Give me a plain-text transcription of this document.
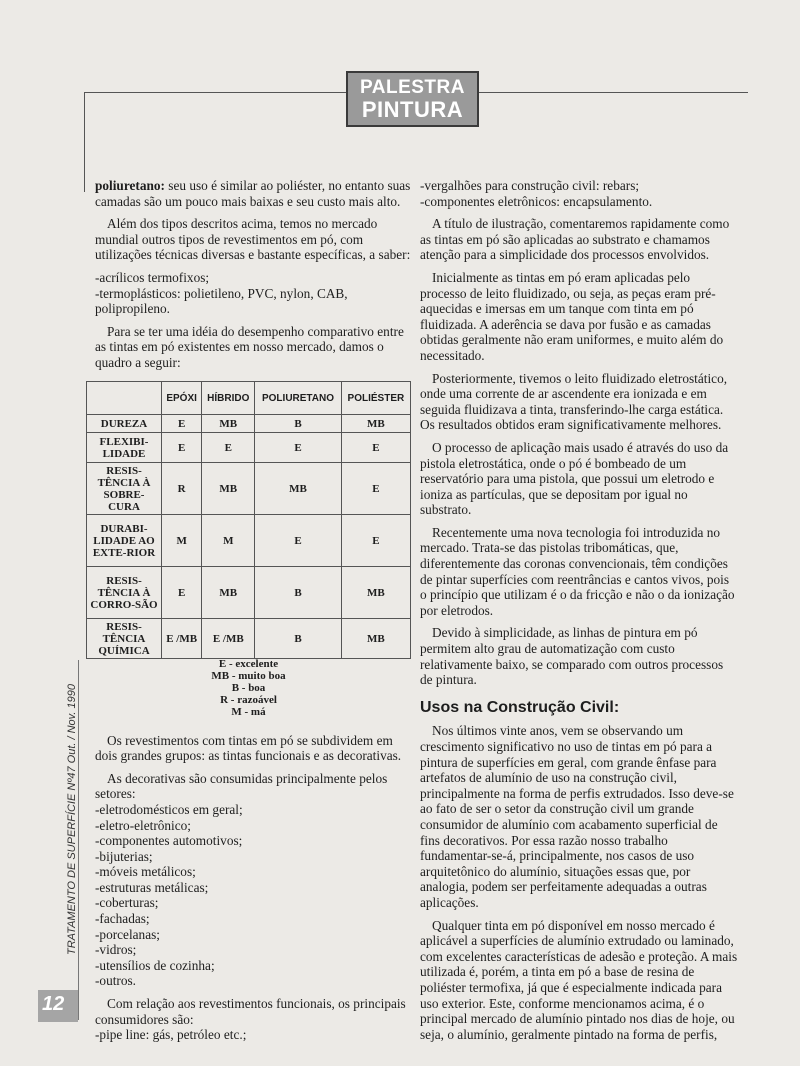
PALESTRA
PINTURA

poliuretano: seu uso é similar ao poliéster, no entanto suas camadas são um pouco mais baixas e seu custo mais alto.

Além dos tipos descritos acima, temos no mercado mundial outros tipos de revestimentos em pó, com utilizações técnicas diversas e bastante específicas, a saber:

-acrílicos termofixos;

-termoplásticos: polietileno, PVC, nylon, CAB, polipropileno.

Para se ter uma idéia do desempenho comparativo entre as tintas em pó existentes em nosso mercado, damos o quadro a seguir:

Os revestimentos com tintas em pó se subdividem em dois grandes grupos: as tintas funcionais e as decorativas.

As decorativas são consumidas principalmente pelos setores:

-eletrodomésticos em geral;

-eletro-eletrônico;

-componentes automotivos;

-bijuterias;

-móveis metálicos;

-estruturas metálicas;

-coberturas;

-fachadas;

-porcelanas;

-vidros;

-utensílios de cozinha;

-outros.

Com relação aos revestimentos funcionais, os principais consumidores são:

-pipe line: gás, petróleo etc.;

	EPÓXI	HÍBRIDO	POLIURETANO	POLIÉSTER
DUREZA	E	MB	B	MB
FLEXIBI-LIDADE	E	E	E	E
RESIS-TÊNCIA À SOBRE-CURA	R	MB	MB	E
DURABI-LIDADE AO EXTE-RIOR	M	M	E	E
RESIS-TÊNCIA À CORRO-SÃO	E	MB	B	MB
RESIS-TÊNCIA QUÍMICA	E /MB	E /MB	B	MB
E - excelente
MB - muito boa
B - boa
R - razoável
M - má

-vergalhões para construção civil: rebars;

-componentes eletrônicos: encapsulamento.

A título de ilustração, comentaremos rapidamente como as tintas em pó são aplicadas ao substrato e chamamos atenção para a simplicidade dos processos envolvidos.

Inicialmente as tintas em pó eram aplicadas pelo processo de leito fluidizado, ou seja, as peças eram pré-aquecidas e imersas em um tanque com tinta em pó fluidizada. A aderência se dava por fusão e as camadas obtidas geralmente não eram uniformes, e muito além do necessitado.

Posteriormente, tivemos o leito fluidizado eletrostático, onde uma corrente de ar ascendente era ionizada e em seguida fluidizava a tinta, transferindo-lhe carga estática. Os resultados obtidos eram significativamente melhores.

O processo de aplicação mais usado é através do uso da pistola eletrostática, onde o pó é bombeado de um reservatório para uma pistola, que possui um eletrodo e ioniza as partículas, que se depositam por igual no substrato.

Recentemente uma nova tecnologia foi introduzida no mercado. Trata-se das pistolas tribomáticas, que, diferentemente das coronas convencionais, têm condições de pintar superfícies com reentrâncias e cantos vivos, pois o princípio que utilizam é o da fricção e não o da ionização por eletrodos.

Devido à simplicidade, as linhas de pintura em pó permitem alto grau de automatização com custo relativamente baixo, se comparado com outros processos de pintura.

Usos na Construção Civil:

Nos últimos vinte anos, vem se observando um crescimento significativo no uso de tintas em pó para a pintura de superfícies em geral, com grande ênfase para artefatos de alumínio de uso na construção civil, principalmente na forma de perfis extrudados. Isso deve-se ao fato de ser o setor da construção civil um grande consumidor de alumínio com acabamento superficial de fins decorativos. Por essa razão nosso trabalho fundamentar-se-á, principalmente, nos casos de uso arquitetônico do alumínio, situações essas que, por analogia, podem ser perfeitamente adequadas a outras aplicações.

Qualquer tinta em pó disponível em nosso mercado é aplicável a superfícies de alumínio extrudado ou laminado, com excelentes características de adesão e proteção. A mais utilizada é, porém, a tinta em pó a base de resina de poliéster termofixa, já que é especialmente indicada para uso exterior. Este, conforme mencionamos acima, é o principal mercado de alumínio pintado nos dias de hoje, ou seja, o alumínio, geralmente pintado na forma de perfis,

TRATAMENTO DE SUPERFÍCIE Nº47 Out. / Nov. 1990
12
